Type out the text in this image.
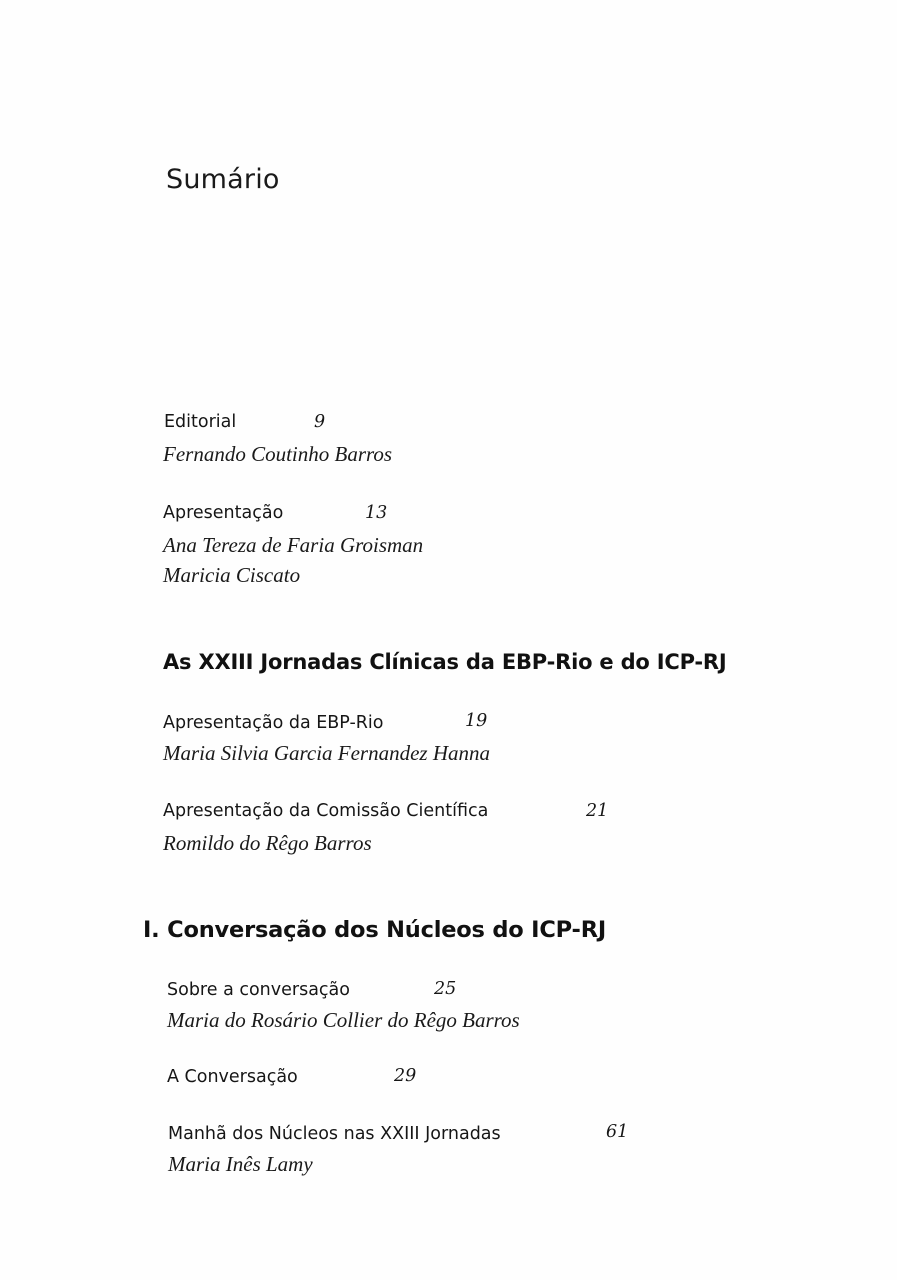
Sumário
Editorial	9
Fernando Coutinho Barros
Apresentação	13
Ana Tereza de Faria Groisman
Maricia Ciscato
As XXIII Jornadas Clínicas da EBP-Rio e do ICP-RJ
Apresentação da EBP-Rio	19
Maria Silvia Garcia Fernandez Hanna
Apresentação da Comissão Científica	21
Romildo do Rêgo Barros
I. Conversação dos Núcleos do ICP-RJ
Sobre a conversação	25
Maria do Rosário Collier do Rêgo Barros
A Conversação	29
Manhã dos Núcleos nas XXIII Jornadas	61
Maria Inês Lamy
